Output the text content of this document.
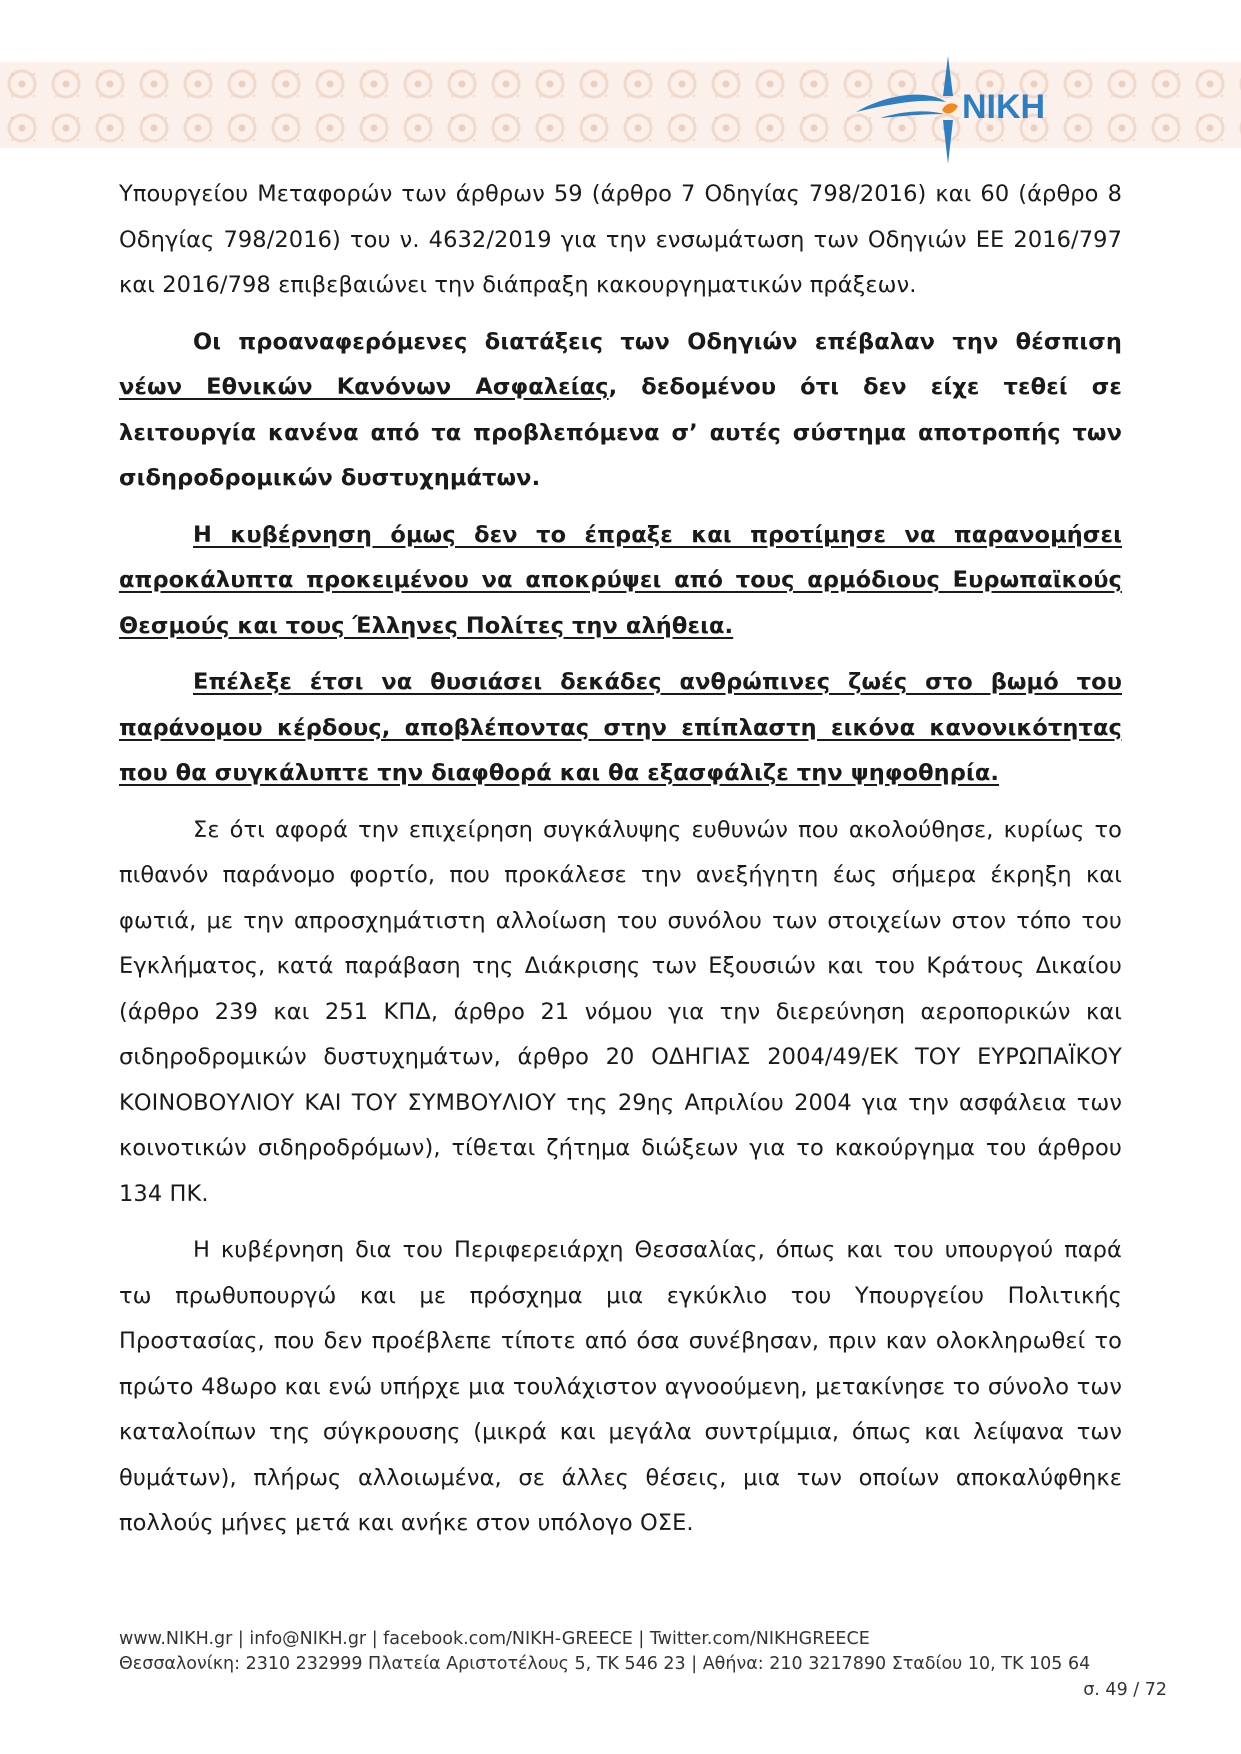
NIKH

Υπουργείου Μεταφορών των άρθρων 59 (άρθρο 7 Οδηγίας 798/2016) και 60 (άρθρο 8 Οδηγίας 798/2016) του ν. 4632/2019 για την ενσωμάτωση των Οδηγιών ΕΕ 2016/797 και 2016/798 επιβεβαιώνει την διάπραξη κακουργηματικών πράξεων.

Οι προαναφερόμενες διατάξεις των Οδηγιών επέβαλαν την θέσπιση νέων Εθνικών Κανόνων Ασφαλείας, δεδομένου ότι δεν είχε τεθεί σε λειτουργία κανένα από τα προβλεπόμενα σ’ αυτές σύστημα αποτροπής των σιδηροδρομικών δυστυχημάτων.

Η κυβέρνηση όμως δεν το έπραξε και προτίμησε να παρανομήσει απροκάλυπτα προκειμένου να αποκρύψει από τους αρμόδιους Ευρωπαϊκούς Θεσμούς και τους Έλληνες Πολίτες την αλήθεια.

Επέλεξε έτσι να θυσιάσει δεκάδες ανθρώπινες ζωές στο βωμό του παράνομου κέρδους, αποβλέποντας στην επίπλαστη εικόνα κανονικότητας που θα συγκάλυπτε την διαφθορά και θα εξασφάλιζε την ψηφοθηρία.

Σε ότι αφορά την επιχείρηση συγκάλυψης ευθυνών που ακολούθησε, κυρίως το πιθανόν παράνομο φορτίο, που προκάλεσε την ανεξήγητη έως σήμερα έκρηξη και φωτιά, με την απροσχημάτιστη αλλοίωση του συνόλου των στοιχείων στον τόπο του Εγκλήματος, κατά παράβαση της Διάκρισης των Εξουσιών και του Κράτους Δικαίου (άρθρο 239 και 251 ΚΠΔ, άρθρο 21 νόμου για την διερεύνηση αεροπορικών και σιδηροδρομικών δυστυχημάτων, άρθρο 20 ΟΔΗΓΙΑΣ 2004/49/ΕΚ ΤΟΥ ΕΥΡΩΠΑΪΚΟΥ ΚΟΙΝΟΒΟΥΛΙΟΥ ΚΑΙ ΤΟΥ ΣΥΜΒΟΥΛΙΟΥ της 29ης Απριλίου 2004 για την ασφάλεια των κοινοτικών σιδηροδρόμων), τίθεται ζήτημα διώξεων για το κακούργημα του άρθρου 134 ΠΚ.

Η κυβέρνηση δια του Περιφερειάρχη Θεσσαλίας, όπως και του υπουργού παρά τω πρωθυπουργώ και με πρόσχημα μια εγκύκλιο του Υπουργείου Πολιτικής Προστασίας, που δεν προέβλεπε τίποτε από όσα συνέβησαν, πριν καν ολοκληρωθεί το πρώτο 48ωρο και ενώ υπήρχε μια τουλάχιστον αγνοούμενη, μετακίνησε το σύνολο των καταλοίπων της σύγκρουσης (μικρά και μεγάλα συντρίμμια, όπως και λείψανα των θυμάτων), πλήρως αλλοιωμένα, σε άλλες θέσεις, μια των οποίων αποκαλύφθηκε πολλούς μήνες μετά και ανήκε στον υπόλογο ΟΣΕ.

www.NIKH.gr | info@NIKH.gr | facebook.com/NIKH-GREECE | Twitter.com/NIKHGREECE
Θεσσαλονίκη: 2310 232999 Πλατεία Αριστοτέλους 5, ΤΚ 546 23 | Αθήνα: 210 3217890 Σταδίου 10, ΤΚ 105 64
σ. 49 / 72
